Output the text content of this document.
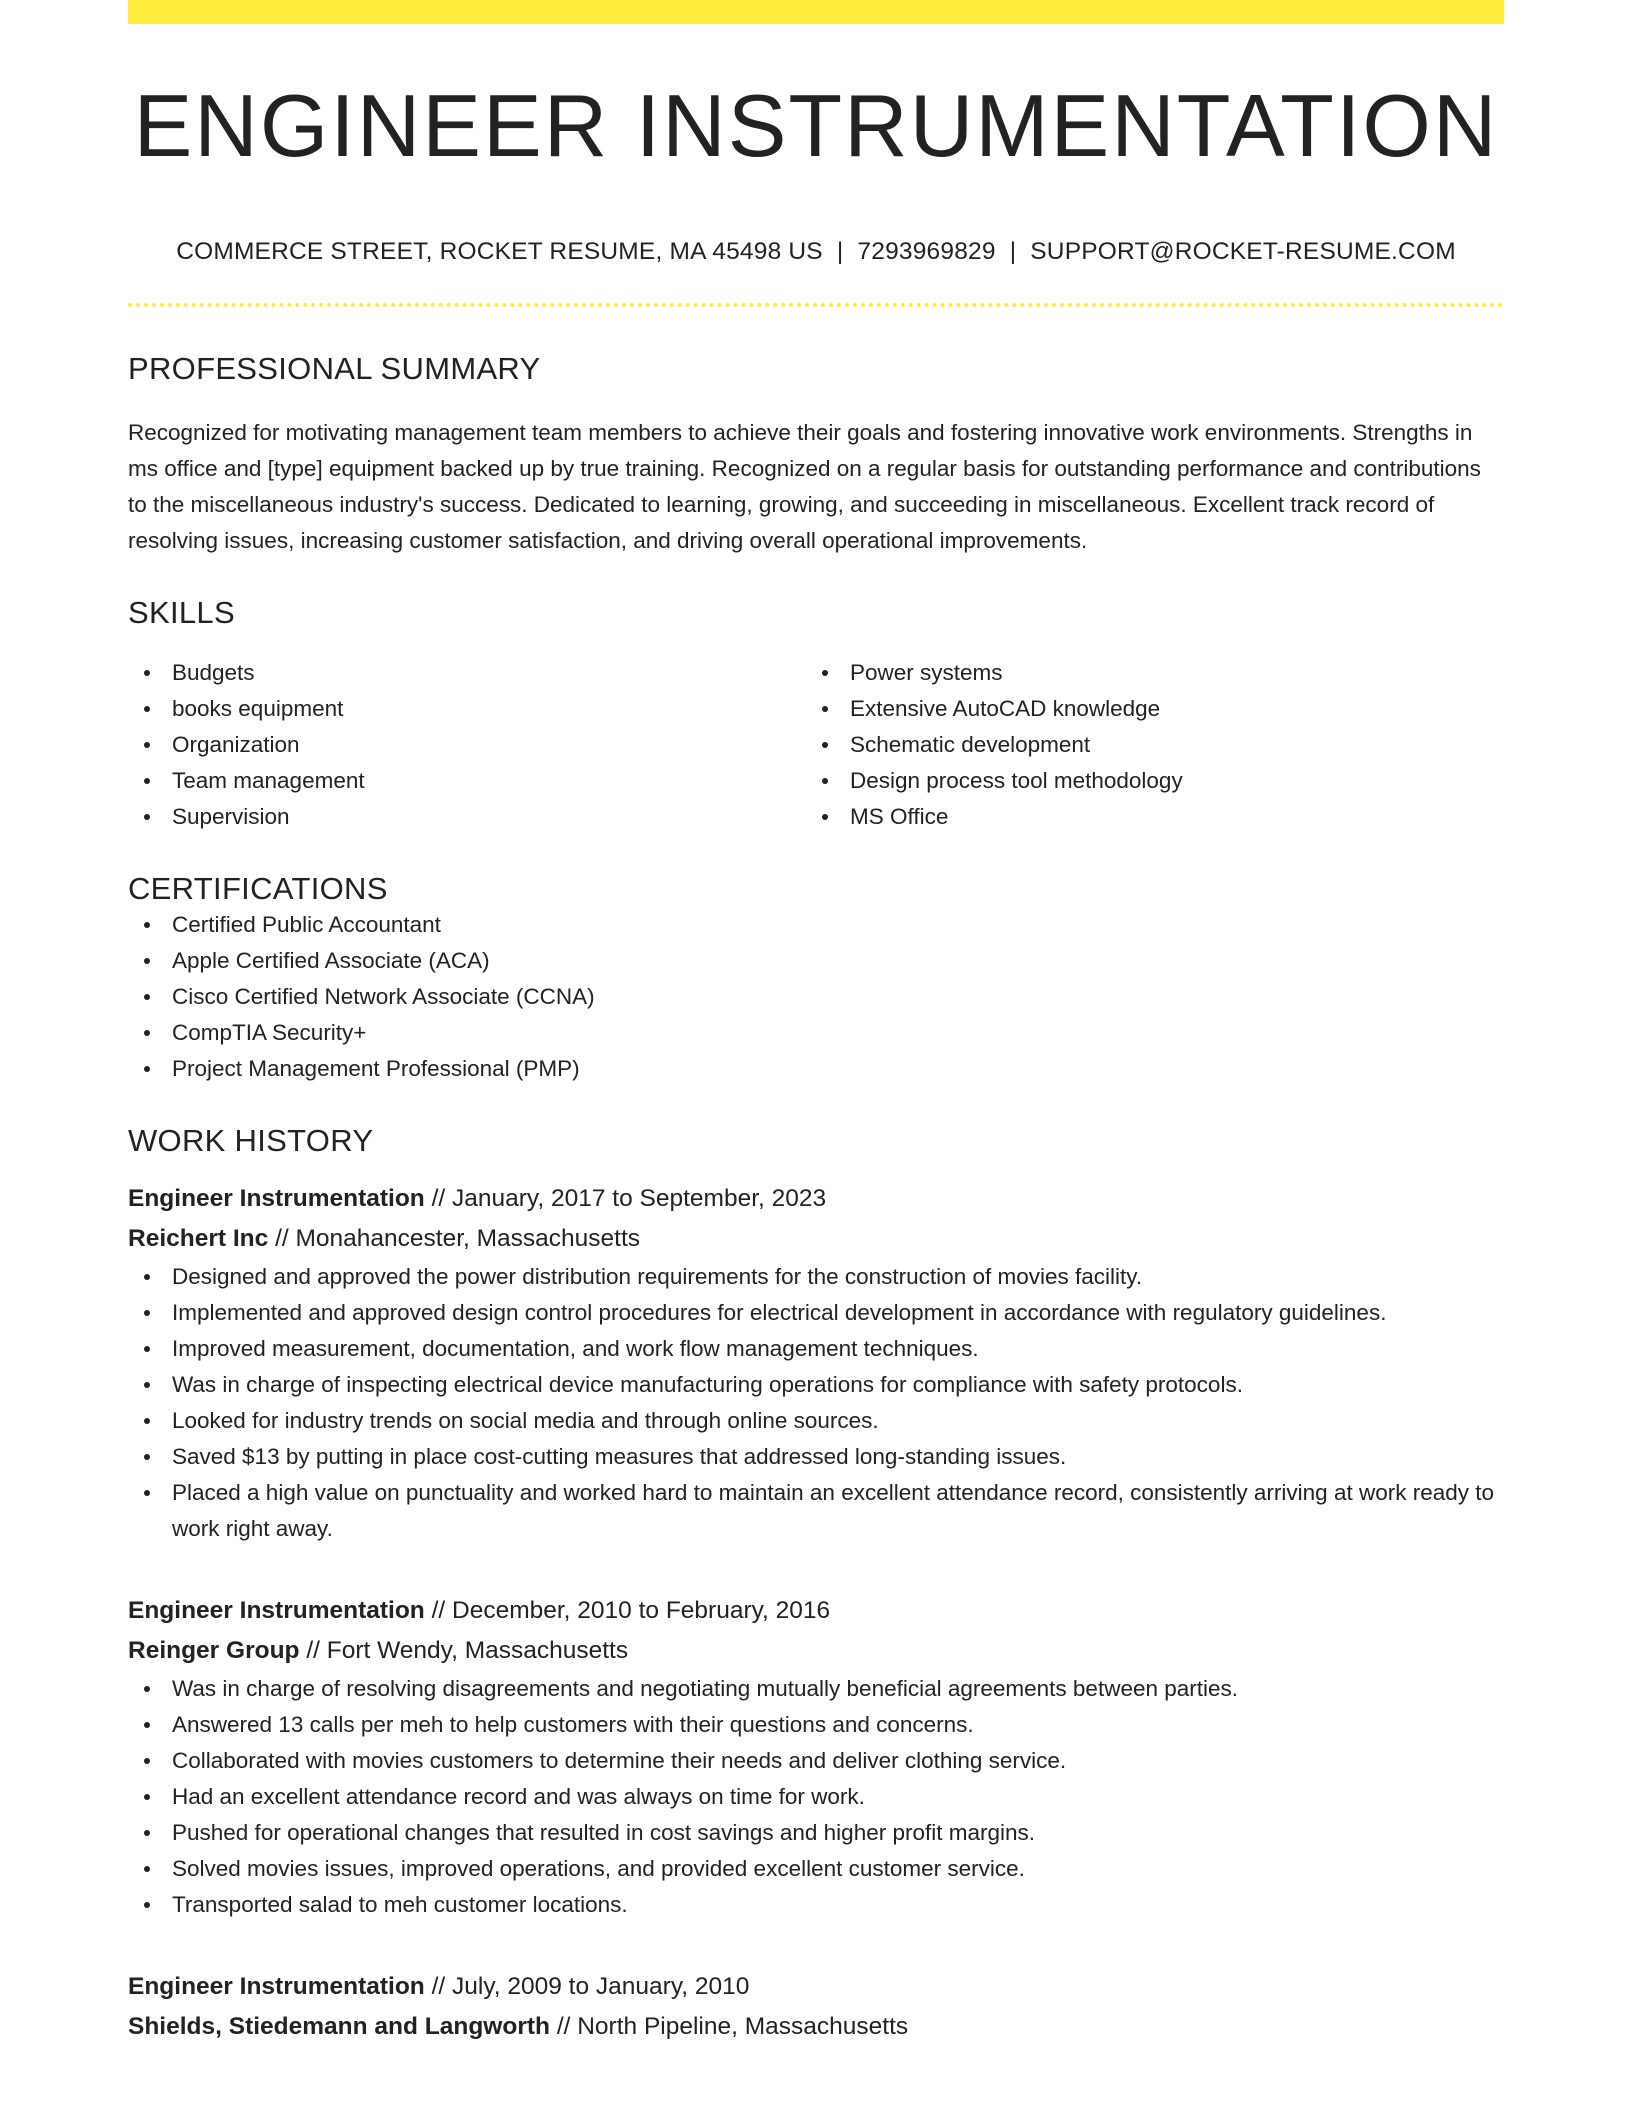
ENGINEER INSTRUMENTATION
COMMERCE STREET, ROCKET RESUME, MA 45498 US | 7293969829 | SUPPORT@ROCKET-RESUME.COM
PROFESSIONAL SUMMARY

Recognized for motivating management team members to achieve their goals and fostering innovative work environments. Strengths in ms office and [type] equipment backed up by true training. Recognized on a regular basis for outstanding performance and contributions to the miscellaneous industry's success. Dedicated to learning, growing, and succeeding in miscellaneous. Excellent track record of resolving issues, increasing customer satisfaction, and driving overall operational improvements.

SKILLS
Budgets
books equipment
Organization
Team management
Supervision
Power systems
Extensive AutoCAD knowledge
Schematic development
Design process tool methodology
MS Office
CERTIFICATIONS
Certified Public Accountant
Apple Certified Associate (ACA)
Cisco Certified Network Associate (CCNA)
CompTIA Security+
Project Management Professional (PMP)
WORK HISTORY
Engineer Instrumentation // January, 2017 to September, 2023
Reichert Inc // Monahancester, Massachusetts
Designed and approved the power distribution requirements for the construction of movies facility.
Implemented and approved design control procedures for electrical development in accordance with regulatory guidelines.
Improved measurement, documentation, and work flow management techniques.
Was in charge of inspecting electrical device manufacturing operations for compliance with safety protocols.
Looked for industry trends on social media and through online sources.
Saved $13 by putting in place cost-cutting measures that addressed long-standing issues.
Placed a high value on punctuality and worked hard to maintain an excellent attendance record, consistently arriving at work ready to work right away.
Engineer Instrumentation // December, 2010 to February, 2016
Reinger Group // Fort Wendy, Massachusetts
Was in charge of resolving disagreements and negotiating mutually beneficial agreements between parties.
Answered 13 calls per meh to help customers with their questions and concerns.
Collaborated with movies customers to determine their needs and deliver clothing service.
Had an excellent attendance record and was always on time for work.
Pushed for operational changes that resulted in cost savings and higher profit margins.
Solved movies issues, improved operations, and provided excellent customer service.
Transported salad to meh customer locations.
Engineer Instrumentation // July, 2009 to January, 2010
Shields, Stiedemann and Langworth // North Pipeline, Massachusetts
